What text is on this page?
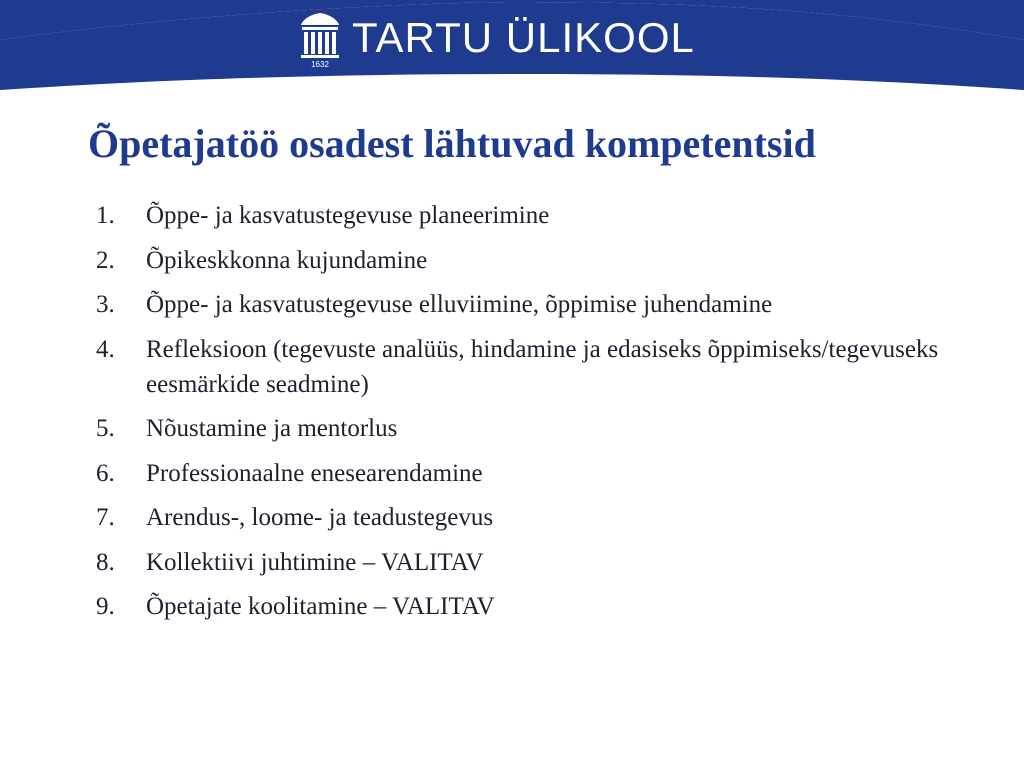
1632
TARTU ÜLIKOOL
Õpetajatöö osadest lähtuvad kompetentsid
1.	Õppe- ja kasvatustegevuse planeerimine
2.	Õpikeskkonna kujundamine
3.	Õppe- ja kasvatustegevuse elluviimine, õppimise juhendamine
4.	Refleksioon (tegevuste analüüs, hindamine ja edasiseks õppimiseks/tegevuseks eesmärkide seadmine)
5.	Nõustamine ja mentorlus
6.	Professionaalne enesearendamine
7.	Arendus-, loome- ja teadustegevus
8.	Kollektiivi juhtimine – VALITAV
9.	Õpetajate koolitamine – VALITAV
